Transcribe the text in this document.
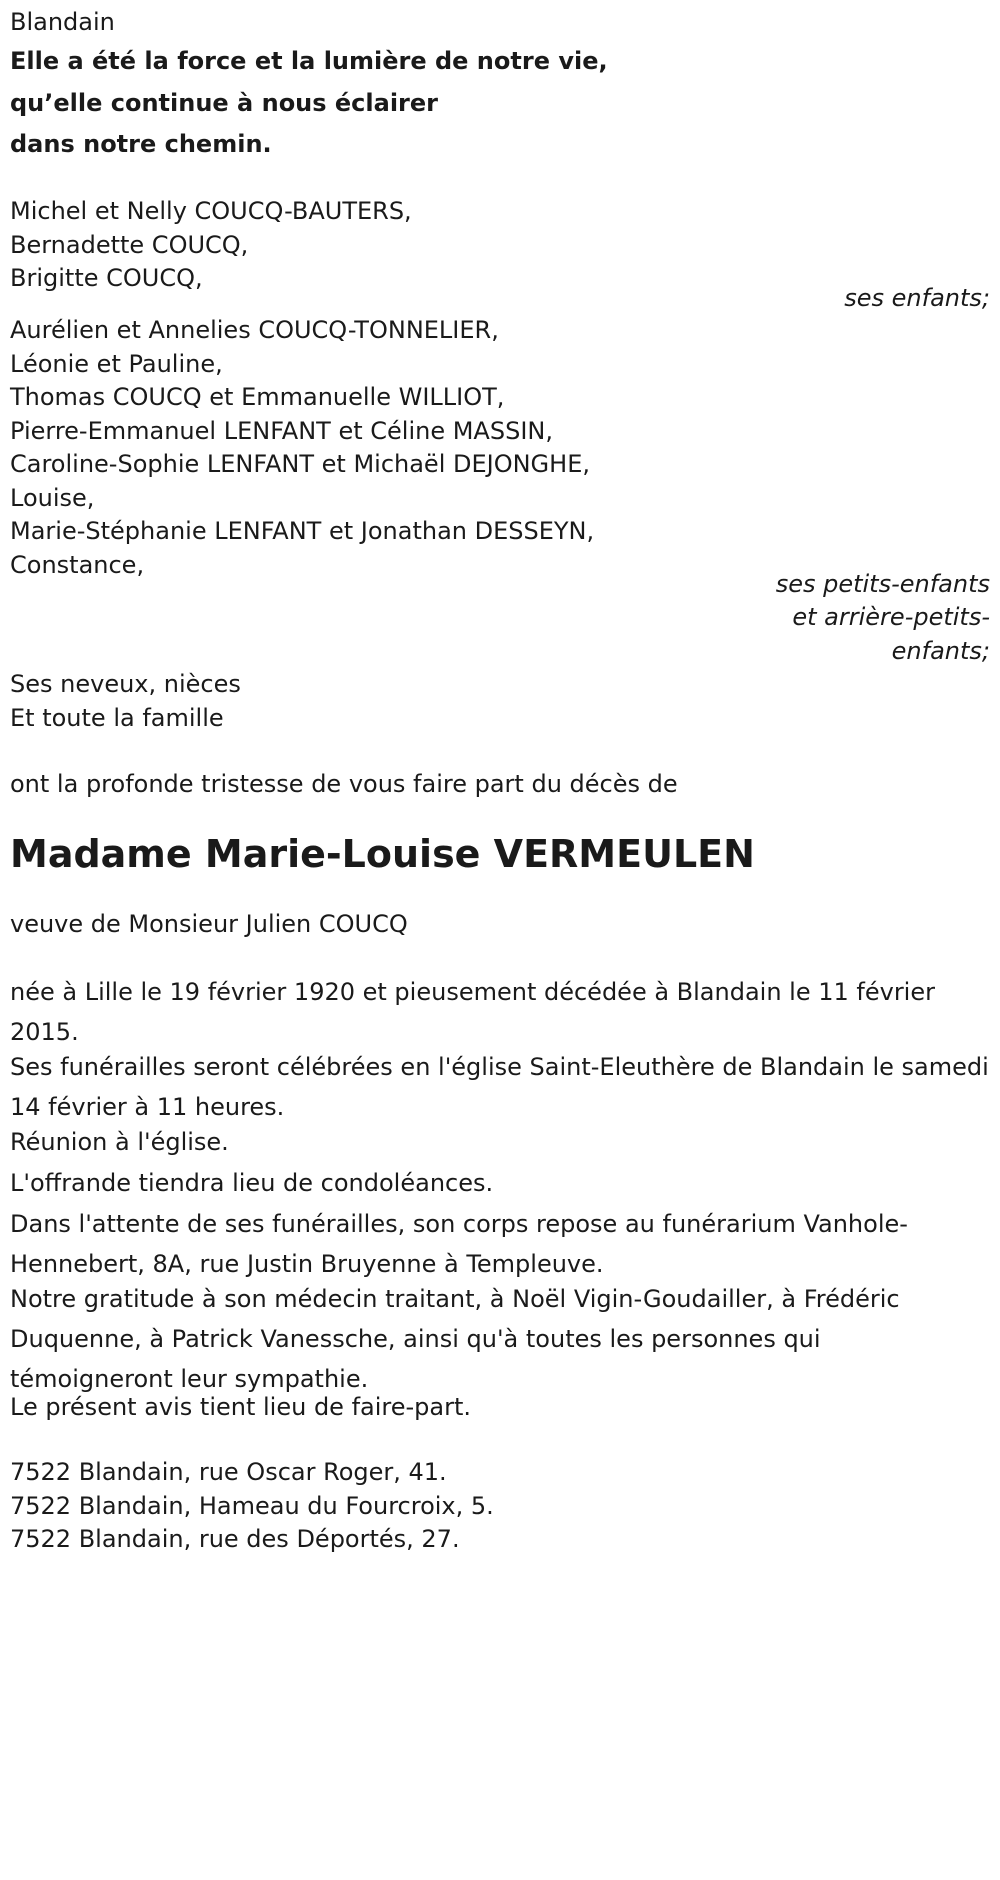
Blandain

Elle a été la force et la lumière de notre vie,

qu’elle continue à nous éclairer

dans notre chemin.

Michel et Nelly COUCQ-BAUTERS,

Bernadette COUCQ,

Brigitte COUCQ,

ses enfants;

Aurélien et Annelies COUCQ-TONNELIER,

Léonie et Pauline,

Thomas COUCQ et Emmanuelle WILLIOT,

Pierre-Emmanuel LENFANT et Céline MASSIN,

Caroline-Sophie LENFANT et Michaël DEJONGHE,

Louise,

Marie-Stéphanie LENFANT et Jonathan DESSEYN,

Constance,

ses petits-enfants

et arrière-petits-

enfants;

Ses neveux, nièces

Et toute la famille

ont la profonde tristesse de vous faire part du décès de

Madame Marie-Louise VERMEULEN

veuve de Monsieur Julien COUCQ

née à Lille le 19 février 1920 et pieusement décédée à Blandain le 11 février 2015.

Ses funérailles seront célébrées en l'église Saint-Eleuthère de Blandain le samedi 14 février à 11 heures.

Réunion à l'église.

L'offrande tiendra lieu de condoléances.

Dans l'attente de ses funérailles, son corps repose au funérarium Vanhole-Hennebert, 8A, rue Justin Bruyenne à Templeuve.

Notre gratitude à son médecin traitant, à Noël Vigin-Goudailler, à Frédéric Duquenne, à Patrick Vanessche, ainsi qu'à toutes les personnes qui témoigneront leur sympathie.

Le présent avis tient lieu de faire-part.

7522 Blandain, rue Oscar Roger, 41.

7522 Blandain, Hameau du Fourcroix, 5.

7522 Blandain, rue des Déportés, 27.
